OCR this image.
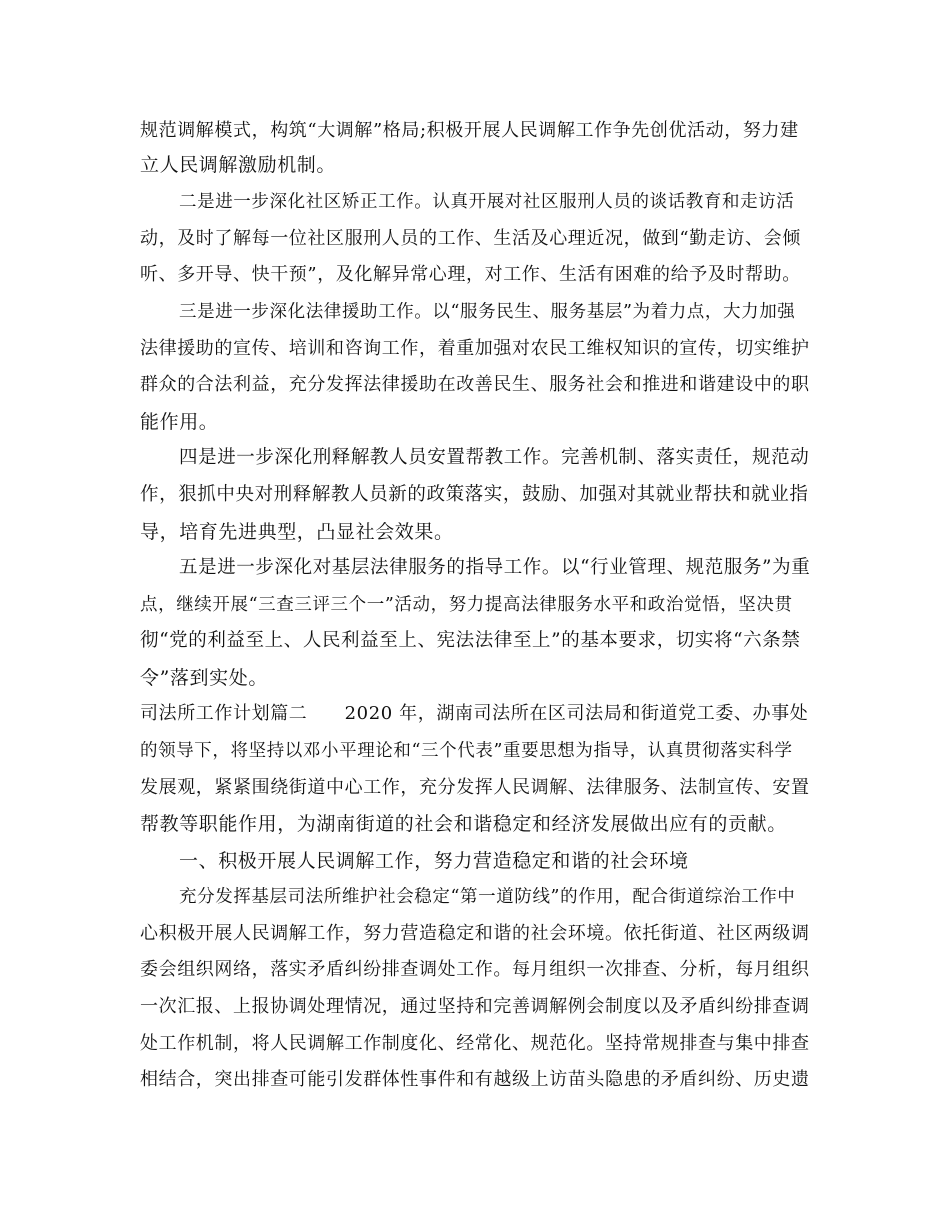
规范调解模式，构筑“大调解”格局;积极开展人民调解工作争先创优活动，努力建
立人民调解激励机制。
二是进一步深化社区矫正工作。认真开展对社区服刑人员的谈话教育和走访活
动，及时了解每一位社区服刑人员的工作、生活及心理近况，做到“勤走访、会倾
听、多开导、快干预”，及化解异常心理，对工作、生活有困难的给予及时帮助。
三是进一步深化法律援助工作。以“服务民生、服务基层”为着力点，大力加强
法律援助的宣传、培训和咨询工作，着重加强对农民工维权知识的宣传，切实维护
群众的合法利益，充分发挥法律援助在改善民生、服务社会和推进和谐建设中的职
能作用。
四是进一步深化刑释解教人员安置帮教工作。完善机制、落实责任，规范动
作，狠抓中央对刑释解教人员新的政策落实，鼓励、加强对其就业帮扶和就业指
导，培育先进典型，凸显社会效果。
五是进一步深化对基层法律服务的指导工作。以“行业管理、规范服务”为重
点，继续开展“三查三评三个一”活动，努力提高法律服务水平和政治觉悟，坚决贯
彻“党的利益至上、人民利益至上、宪法法律至上”的基本要求，切实将“六条禁
令”落到实处。
司法所工作计划篇二　　2020 年，湖南司法所在区司法局和街道党工委、办事处
的领导下，将坚持以邓小平理论和“三个代表”重要思想为指导，认真贯彻落实科学
发展观，紧紧围绕街道中心工作，充分发挥人民调解、法律服务、法制宣传、安置
帮教等职能作用，为湖南街道的社会和谐稳定和经济发展做出应有的贡献。
一、积极开展人民调解工作，努力营造稳定和谐的社会环境
充分发挥基层司法所维护社会稳定“第一道防线”的作用，配合街道综治工作中
心积极开展人民调解工作，努力营造稳定和谐的社会环境。依托街道、社区两级调
委会组织网络，落实矛盾纠纷排查调处工作。每月组织一次排查、分析，每月组织
一次汇报、上报协调处理情况，通过坚持和完善调解例会制度以及矛盾纠纷排查调
处工作机制，将人民调解工作制度化、经常化、规范化。坚持常规排查与集中排查
相结合，突出排查可能引发群体性事件和有越级上访苗头隐患的矛盾纠纷、历史遗
